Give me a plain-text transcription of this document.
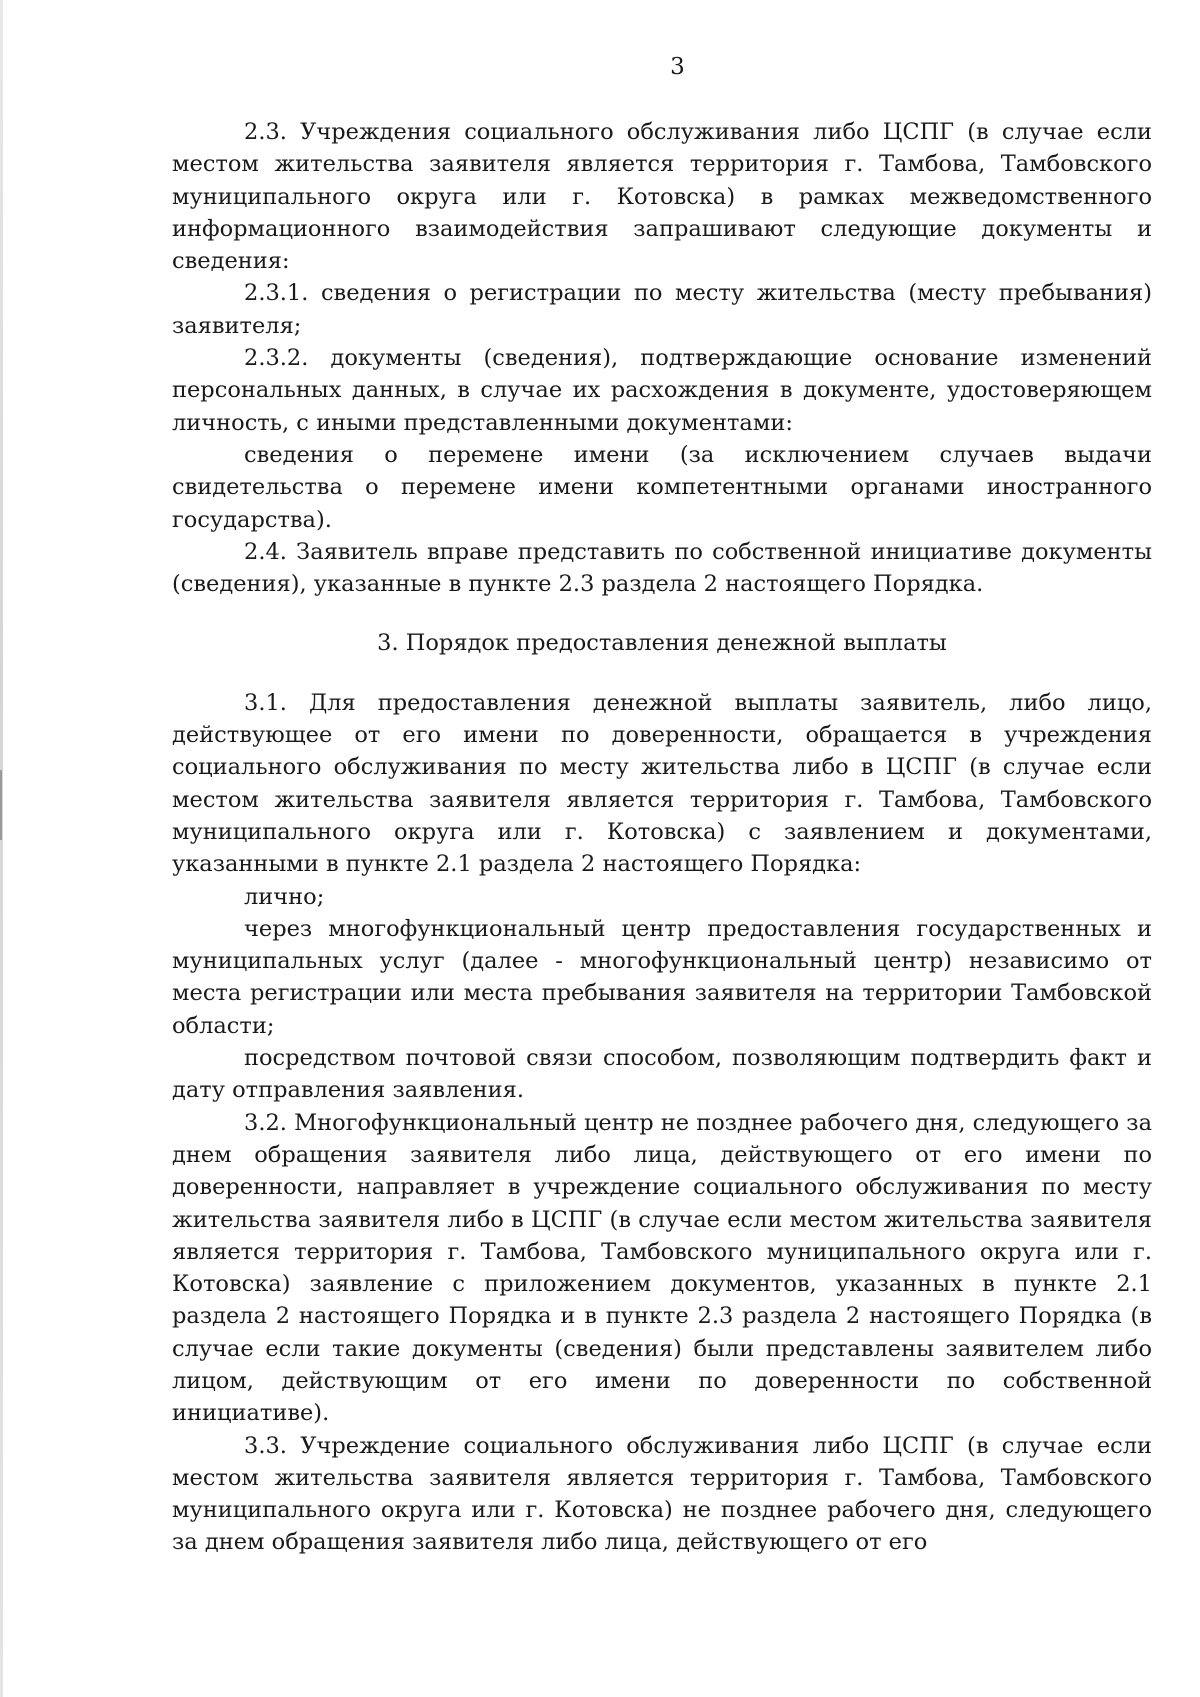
3

2.3. Учреждения социального обслуживания либо ЦСПГ (в случае если местом жительства заявителя является территория г. Тамбова, Тамбовского муниципального округа или г. Котовска) в рамках межведомственного информационного взаимодействия запрашивают следующие документы и сведения:

2.3.1. сведения о регистрации по месту жительства (месту пребывания) заявителя;

2.3.2. документы (сведения), подтверждающие основание изменений персональных данных, в случае их расхождения в документе, удостоверяющем личность, с иными представленными документами:

сведения о перемене имени (за исключением случаев выдачи свидетельства о перемене имени компетентными органами иностранного государства).

2.4. Заявитель вправе представить по собственной инициативе документы (сведения), указанные в пункте 2.3 раздела 2 настоящего Порядка.

3. Порядок предоставления денежной выплаты

3.1. Для предоставления денежной выплаты заявитель, либо лицо, действующее от его имени по доверенности, обращается в учреждения социального обслуживания по месту жительства либо в ЦСПГ (в случае если местом жительства заявителя является территория г. Тамбова, Тамбовского муниципального округа или г. Котовска) с заявлением и документами, указанными в пункте 2.1 раздела 2 настоящего Порядка:

лично;

через многофункциональный центр предоставления государственных и муниципальных услуг (далее - многофункциональный центр) независимо от места регистрации или места пребывания заявителя на территории Тамбовской области;

посредством почтовой связи способом, позволяющим подтвердить факт и дату отправления заявления.

3.2. Многофункциональный центр не позднее рабочего дня, следующего за днем обращения заявителя либо лица, действующего от его имени по доверенности, направляет в учреждение социального обслуживания по месту жительства заявителя либо в ЦСПГ (в случае если местом жительства заявителя является территория г. Тамбова, Тамбовского муниципального округа или г. Котовска) заявление с приложением документов, указанных в пункте 2.1 раздела 2 настоящего Порядка и в пункте 2.3 раздела 2 настоящего Порядка (в случае если такие документы (сведения) были представлены заявителем либо лицом, действующим от его имени по доверенности по собственной инициативе).

3.3. Учреждение социального обслуживания либо ЦСПГ (в случае если местом жительства заявителя является территория г. Тамбова, Тамбовского муниципального округа или г. Котовска) не позднее рабочего дня, следующего за днем обращения заявителя либо лица, действующего от его
